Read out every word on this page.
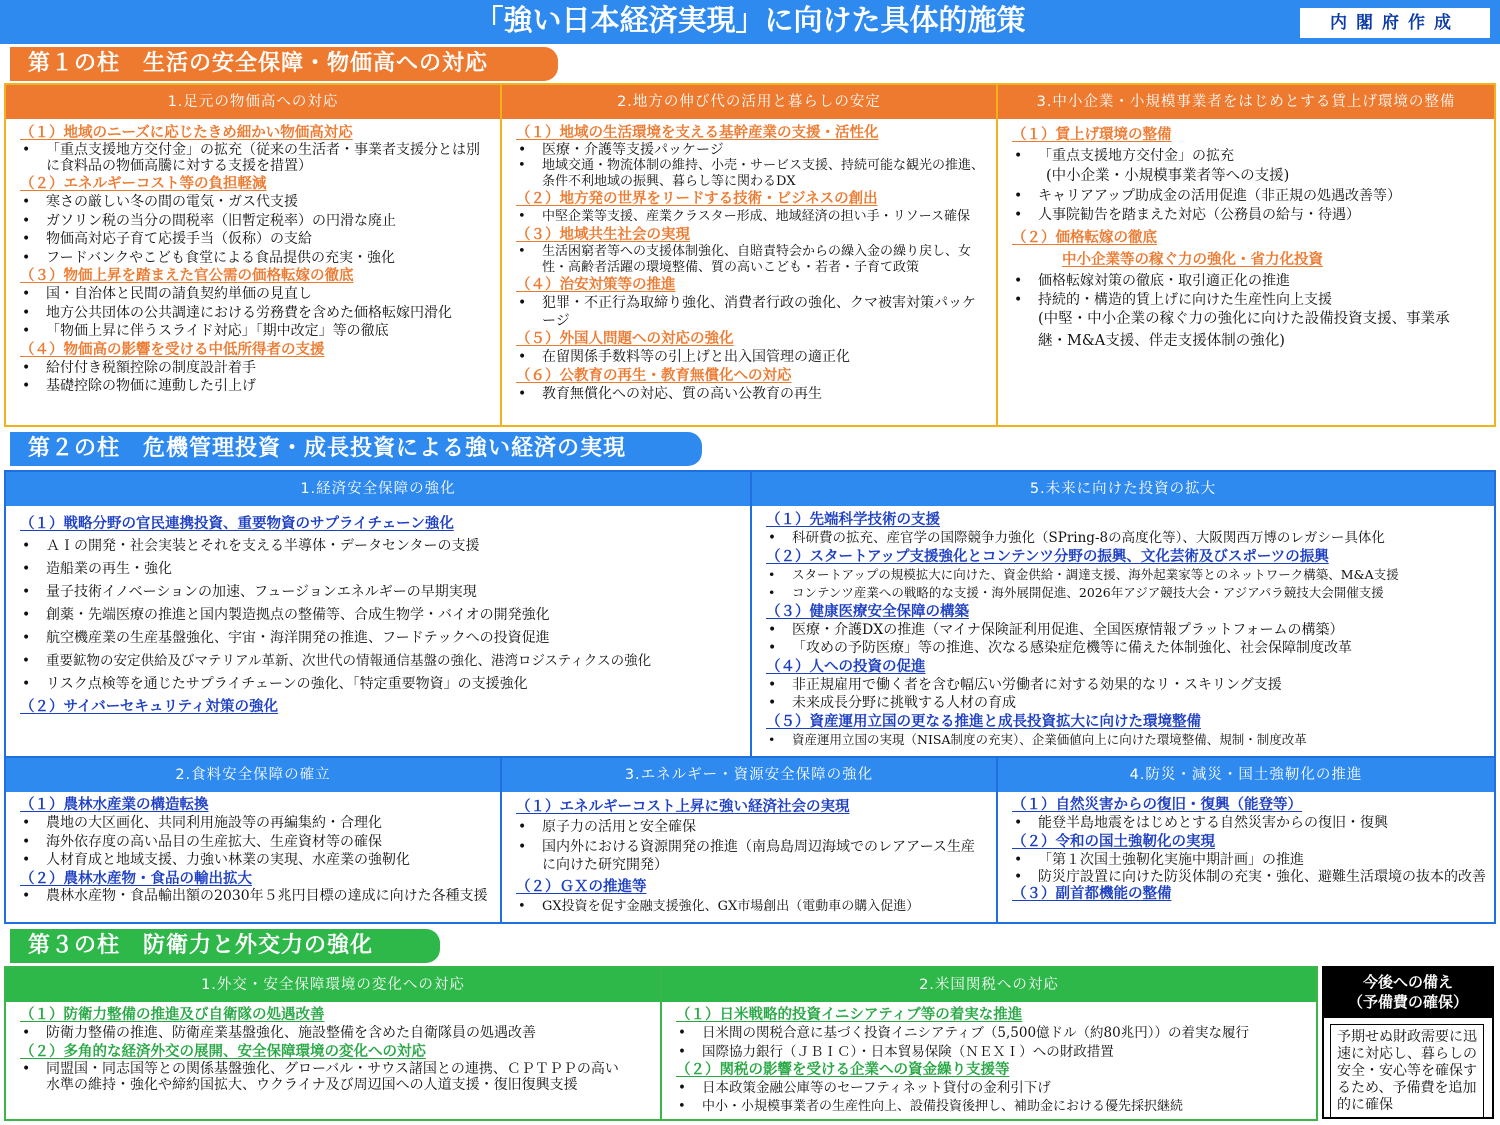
「強い日本経済実現」に向けた具体的施策	内閣府作成
第１の柱　生活の安全保障・物価高への対応
1.足元の物価高への対応
（１）地域のニーズに応じたきめ細かい物価高対応
• 「重点支援地方交付金」の拡充（従来の生活者・事業者支援分とは別に食料品の物価高騰に対する支援を措置）
（２）エネルギーコスト等の負担軽減
• 寒さの厳しい冬の間の電気・ガス代支援
• ガソリン税の当分の間税率（旧暫定税率）の円滑な廃止
• 物価高対応子育て応援手当（仮称）の支給
• フードバンクやこども食堂による食品提供の充実・強化
（３）物価上昇を踏まえた官公需の価格転嫁の徹底
• 国・自治体と民間の請負契約単価の見直し
• 地方公共団体の公共調達における労務費を含めた価格転嫁円滑化
• 「物価上昇に伴うスライド対応」「期中改定」等の徹底
（４）物価高の影響を受ける中低所得者の支援
• 給付付き税額控除の制度設計着手
• 基礎控除の物価に連動した引上げ
2.地方の伸び代の活用と暮らしの安定
（１）地域の生活環境を支える基幹産業の支援・活性化
• 医療・介護等支援パッケージ
• 地域交通・物流体制の維持、小売・サービス支援、持続可能な観光の推進、条件不利地域の振興、暮らし等に関わるDX
（２）地方発の世界をリードする技術・ビジネスの創出
• 中堅企業等支援、産業クラスター形成、地域経済の担い手・リソース確保
（３）地域共生社会の実現
• 生活困窮者等への支援体制強化、自賠責特会からの繰入金の繰り戻し、女性・高齢者活躍の環境整備、質の高いこども・若者・子育て政策
（４）治安対策等の推進
• 犯罪・不正行為取締り強化、消費者行政の強化、クマ被害対策パッケージ
（５）外国人問題への対応の強化
• 在留関係手数料等の引上げと出入国管理の適正化
（６）公教育の再生・教育無償化への対応
• 教育無償化への対応、質の高い公教育の再生
3.中小企業・小規模事業者をはじめとする賃上げ環境の整備
（１）賃上げ環境の整備
• 「重点支援地方交付金」の拡充
(中小企業・小規模事業者等への支援)
• キャリアアップ助成金の活用促進（非正規の処遇改善等）
• 人事院勧告を踏まえた対応（公務員の給与・待遇）
（２）価格転嫁の徹底
中小企業等の稼ぐ力の強化・省力化投資
• 価格転嫁対策の徹底・取引適正化の推進
• 持続的・構造的賃上げに向けた生産性向上支援
(中堅・中小企業の稼ぐ力の強化に向けた設備投資支援、事業承継・M&A支援、伴走支援体制の強化)
第２の柱　危機管理投資・成長投資による強い経済の実現
1.経済安全保障の強化
（１）戦略分野の官民連携投資、重要物資のサプライチェーン強化
• ＡＩの開発・社会実装とそれを支える半導体・データセンターの支援
• 造船業の再生・強化
• 量子技術イノベーションの加速、フュージョンエネルギーの早期実現
• 創薬・先端医療の推進と国内製造拠点の整備等、合成生物学・バイオの開発強化
• 航空機産業の生産基盤強化、宇宙・海洋開発の推進、フードテックへの投資促進
• 重要鉱物の安定供給及びマテリアル革新、次世代の情報通信基盤の強化、港湾ロジスティクスの強化
• リスク点検等を通じたサプライチェーンの強化、「特定重要物資」の支援強化
（２）サイバーセキュリティ対策の強化
5.未来に向けた投資の拡大
（１）先端科学技術の支援
• 科研費の拡充、産官学の国際競争力強化（SPring-8の高度化等）、大阪関西万博のレガシー具体化
（２）スタートアップ支援強化とコンテンツ分野の振興、文化芸術及びスポーツの振興
• スタートアップの規模拡大に向けた、資金供給・調達支援、海外起業家等とのネットワーク構築、M&A支援
• コンテンツ産業への戦略的な支援・海外展開促進、2026年アジア競技大会・アジアパラ競技大会開催支援
（３）健康医療安全保障の構築
• 医療・介護DXの推進（マイナ保険証利用促進、全国医療情報プラットフォームの構築）
• 「攻めの予防医療」等の推進、次なる感染症危機等に備えた体制強化、社会保障制度改革
（４）人への投資の促進
• 非正規雇用で働く者を含む幅広い労働者に対する効果的なリ・スキリング支援
• 未来成長分野に挑戦する人材の育成
（５）資産運用立国の更なる推進と成長投資拡大に向けた環境整備
• 資産運用立国の実現（NISA制度の充実）、企業価値向上に向けた環境整備、規制・制度改革
2.食料安全保障の確立
（１）農林水産業の構造転換
• 農地の大区画化、共同利用施設等の再編集約・合理化
• 海外依存度の高い品目の生産拡大、生産資材等の確保
• 人材育成と地域支援、力強い林業の実現、水産業の強靭化
（２）農林水産物・食品の輸出拡大
• 農林水産物・食品輸出額の2030年５兆円目標の達成に向けた各種支援
3.エネルギー・資源安全保障の強化
（１）エネルギーコスト上昇に強い経済社会の実現
• 原子力の活用と安全確保
• 国内外における資源開発の推進（南鳥島周辺海域でのレアアース生産に向けた研究開発）
（２）ＧＸの推進等
• GX投資を促す金融支援強化、GX市場創出（電動車の購入促進）
4.防災・減災・国土強靭化の推進
（１）自然災害からの復旧・復興（能登等）
• 能登半島地震をはじめとする自然災害からの復旧・復興
（２）令和の国土強靭化の実現
• 「第１次国土強靭化実施中期計画」の推進
• 防災庁設置に向けた防災体制の充実・強化、避難生活環境の抜本的改善
（３）副首都機能の整備
第３の柱　防衛力と外交力の強化
1.外交・安全保障環境の変化への対応
（１）防衛力整備の推進及び自衛隊の処遇改善
• 防衛力整備の推進、防衛産業基盤強化、施設整備を含めた自衛隊員の処遇改善
（２）多角的な経済外交の展開、安全保障環境の変化への対応
• 同盟国・同志国等との関係基盤強化、グローバル・サウス諸国との連携、ＣＰＴＰＰの高い水準の維持・強化や締約国拡大、ウクライナ及び周辺国への人道支援・復旧復興支援
2.米国関税への対応
（１）日米戦略的投資イニシアティブ等の着実な推進
• 日米間の関税合意に基づく投資イニシアティブ（5,500億ドル（約80兆円））の着実な履行
• 国際協力銀行（ＪＢＩＣ）・日本貿易保険（ＮＥＸＩ）への財政措置
（２）関税の影響を受ける企業への資金繰り支援等
• 日本政策金融公庫等のセーフティネット貸付の金利引下げ
• 中小・小規模事業者の生産性向上、設備投資後押し、補助金における優先採択継続
今後への備え
（予備費の確保）
予期せぬ財政需要に迅速に対応し、暮らしの安全・安心等を確保するため、予備費を追加的に確保
